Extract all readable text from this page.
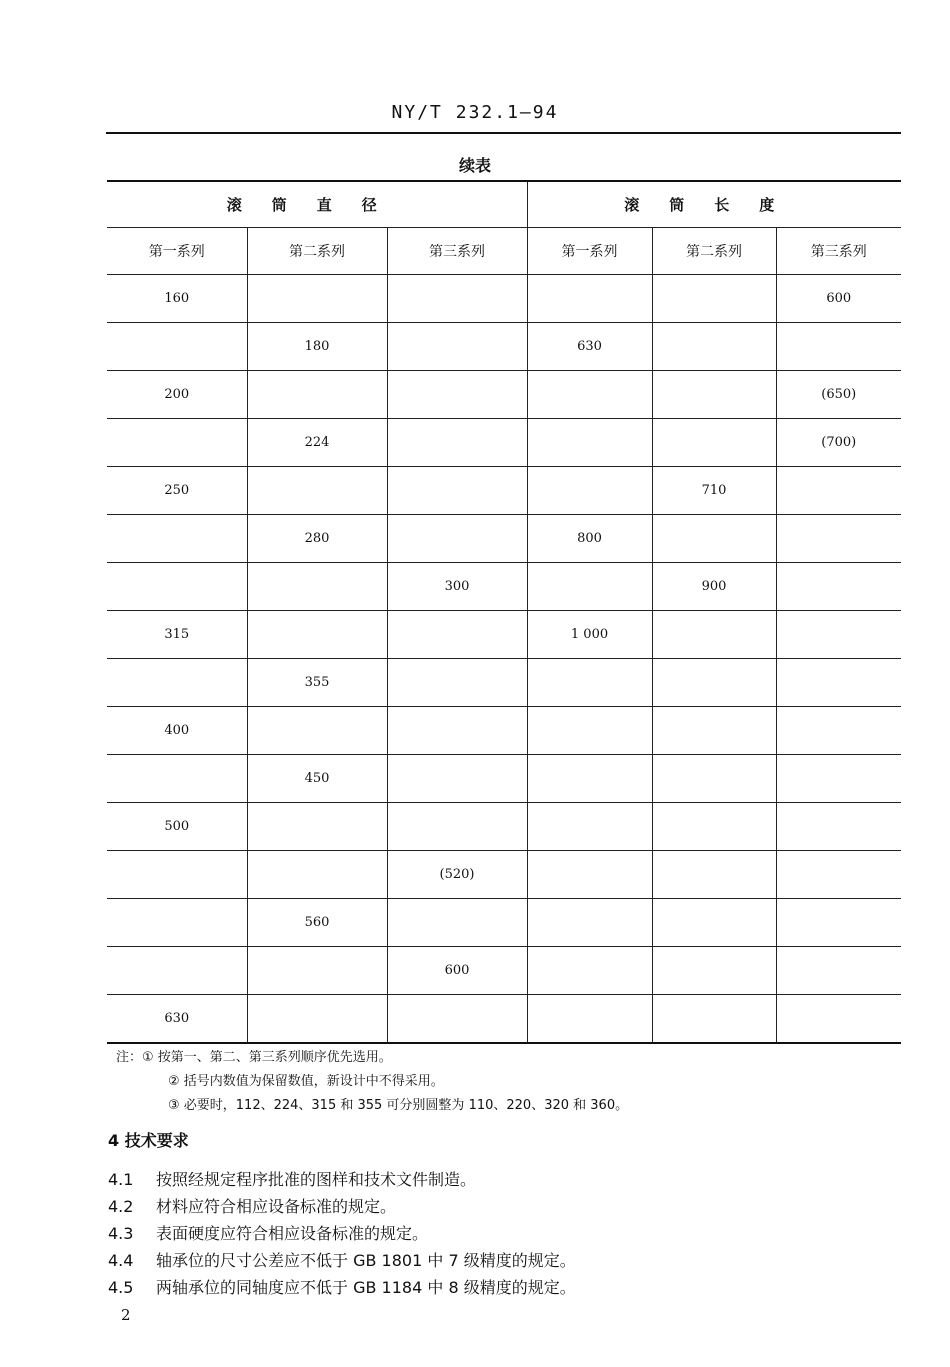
NY/T 232.1—94
续表
滚筒直径			滚筒长度		
第一系列	第二系列	第三系列	第一系列	第二系列	第三系列
160					600
	180		630		
200					(650)
	224				(700)
250				710	
	280		800		
		300		900	
315			1 000		
	355				
400					
	450				
500					
		(520)			
	560				
		600			
630					
注：① 按第一、第二、第三系列顺序优先选用。
② 括号内数值为保留数值，新设计中不得采用。
③ 必要时，112、224、315 和 355 可分别圆整为 110、220、320 和 360。
4 技术要求
4.1 按照经规定程序批准的图样和技术文件制造。
4.2 材料应符合相应设备标准的规定。
4.3 表面硬度应符合相应设备标准的规定。
4.4 轴承位的尺寸公差应不低于 GB 1801 中 7 级精度的规定。
4.5 两轴承位的同轴度应不低于 GB 1184 中 8 级精度的规定。
2
